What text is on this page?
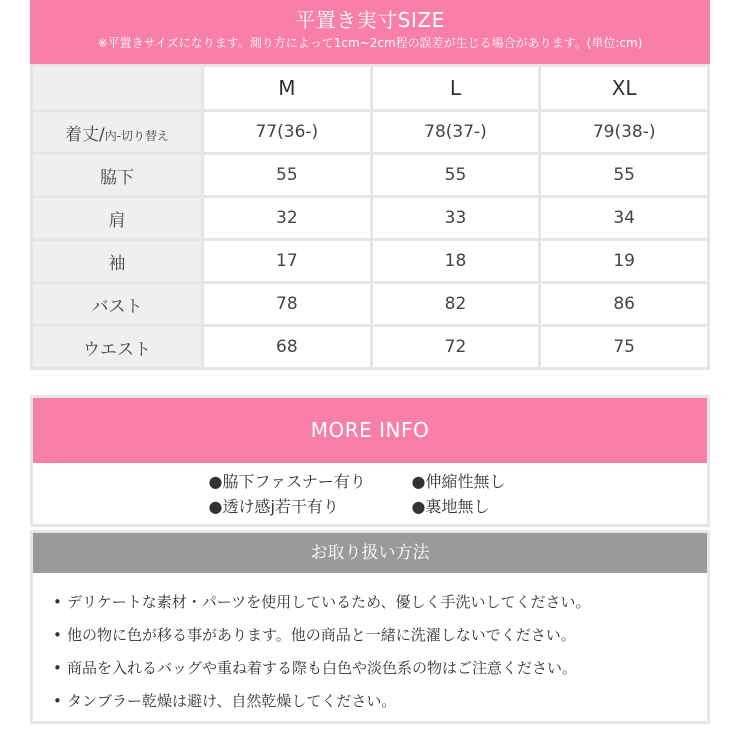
平置き実寸SIZE
※平置きサイズになります。測り方によって1cm~2cm程の誤差が生じる場合があります。(単位:cm)
	M	L	XL
着丈/内-切り替え	77(36-)	78(37-)	79(38-)
脇下	55	55	55
肩	32	33	34
袖	17	18	19
バスト	78	82	86
ウエスト	68	72	75
MORE INFO
●脇下ファスナー有り	●伸縮性無し
●透け感j若干有り	●裏地無し
お取り扱い方法
• デリケートな素材・パーツを使用しているため、優しく手洗いしてください。
• 他の物に色が移る事があります。他の商品と一緒に洗濯しないでください。
• 商品を入れるバッグや重ね着する際も白色や淡色系の物はご注意ください。
• タンブラー乾燥は避け、自然乾燥してください。
